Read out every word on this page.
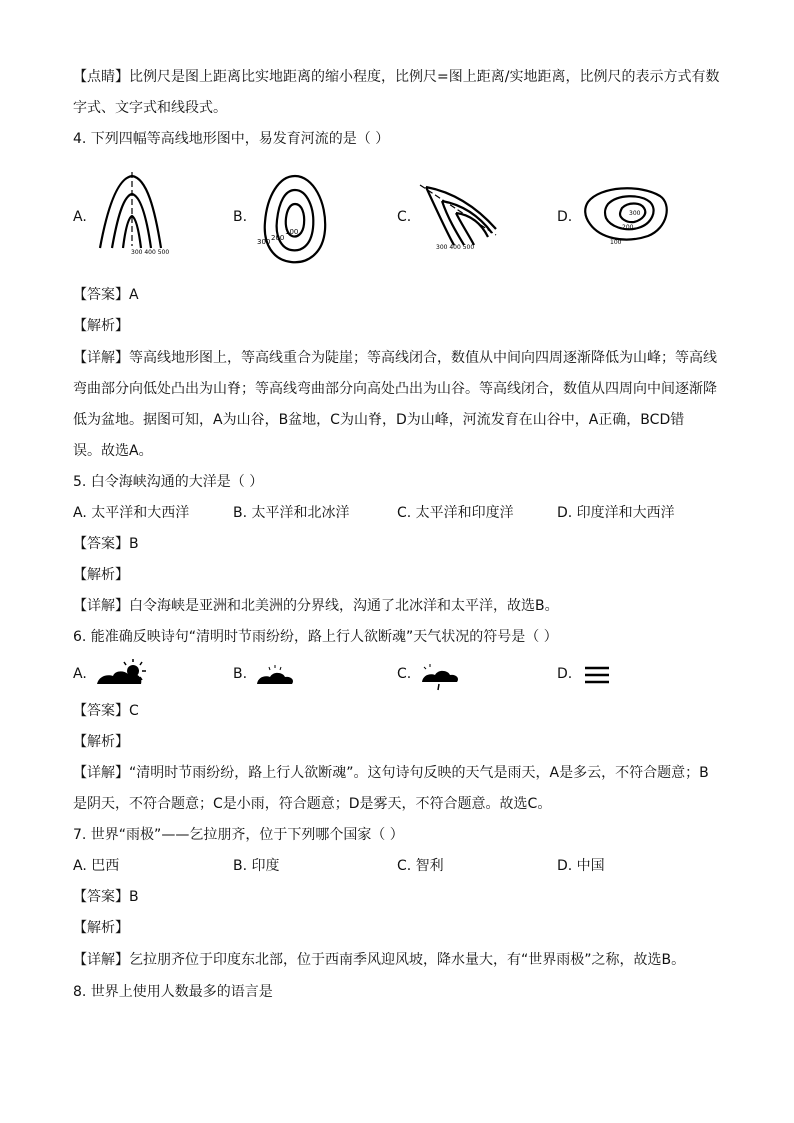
【点睛】比例尺是图上距离比实地距离的缩小程度，比例尺=图上距离/实地距离，比例尺的表示方式有数
字式、文字式和线段式。
4. 下列四幅等高线地形图中，易发育河流的是（ ）
A.
300 400 500
B.
100
200
300
C.
300 400 500
D.	300
200
100
【答案】A
【解析】
【详解】等高线地形图上，等高线重合为陡崖；等高线闭合，数值从中间向四周逐渐降低为山峰；等高线
弯曲部分向低处凸出为山脊；等高线弯曲部分向高处凸出为山谷。等高线闭合，数值从四周向中间逐渐降
低为盆地。据图可知，A为山谷，B盆地，C为山脊，D为山峰，河流发育在山谷中，A正确，BCD错
误。故选A。
5. 白令海峡沟通的大洋是（ ）
A. 太平洋和大西洋	B. 太平洋和北冰洋	C. 太平洋和印度洋	D. 印度洋和大西洋
【答案】B
【解析】
【详解】白令海峡是亚洲和北美洲的分界线，沟通了北冰洋和太平洋，故选B。
6. 能准确反映诗句“清明时节雨纷纷，路上行人欲断魂”天气状况的符号是（ ）
A.	B.	C.	D.
【答案】C
【解析】
【详解】“清明时节雨纷纷，路上行人欲断魂”。这句诗句反映的天气是雨天，A是多云，不符合题意；B
是阴天，不符合题意；C是小雨，符合题意；D是雾天，不符合题意。故选C。
7. 世界“雨极”——乞拉朋齐，位于下列哪个国家（ ）
A. 巴西	B. 印度	C. 智利	D. 中国
【答案】B
【解析】
【详解】乞拉朋齐位于印度东北部，位于西南季风迎风坡，降水量大，有“世界雨极”之称，故选B。
8. 世界上使用人数最多的语言是
